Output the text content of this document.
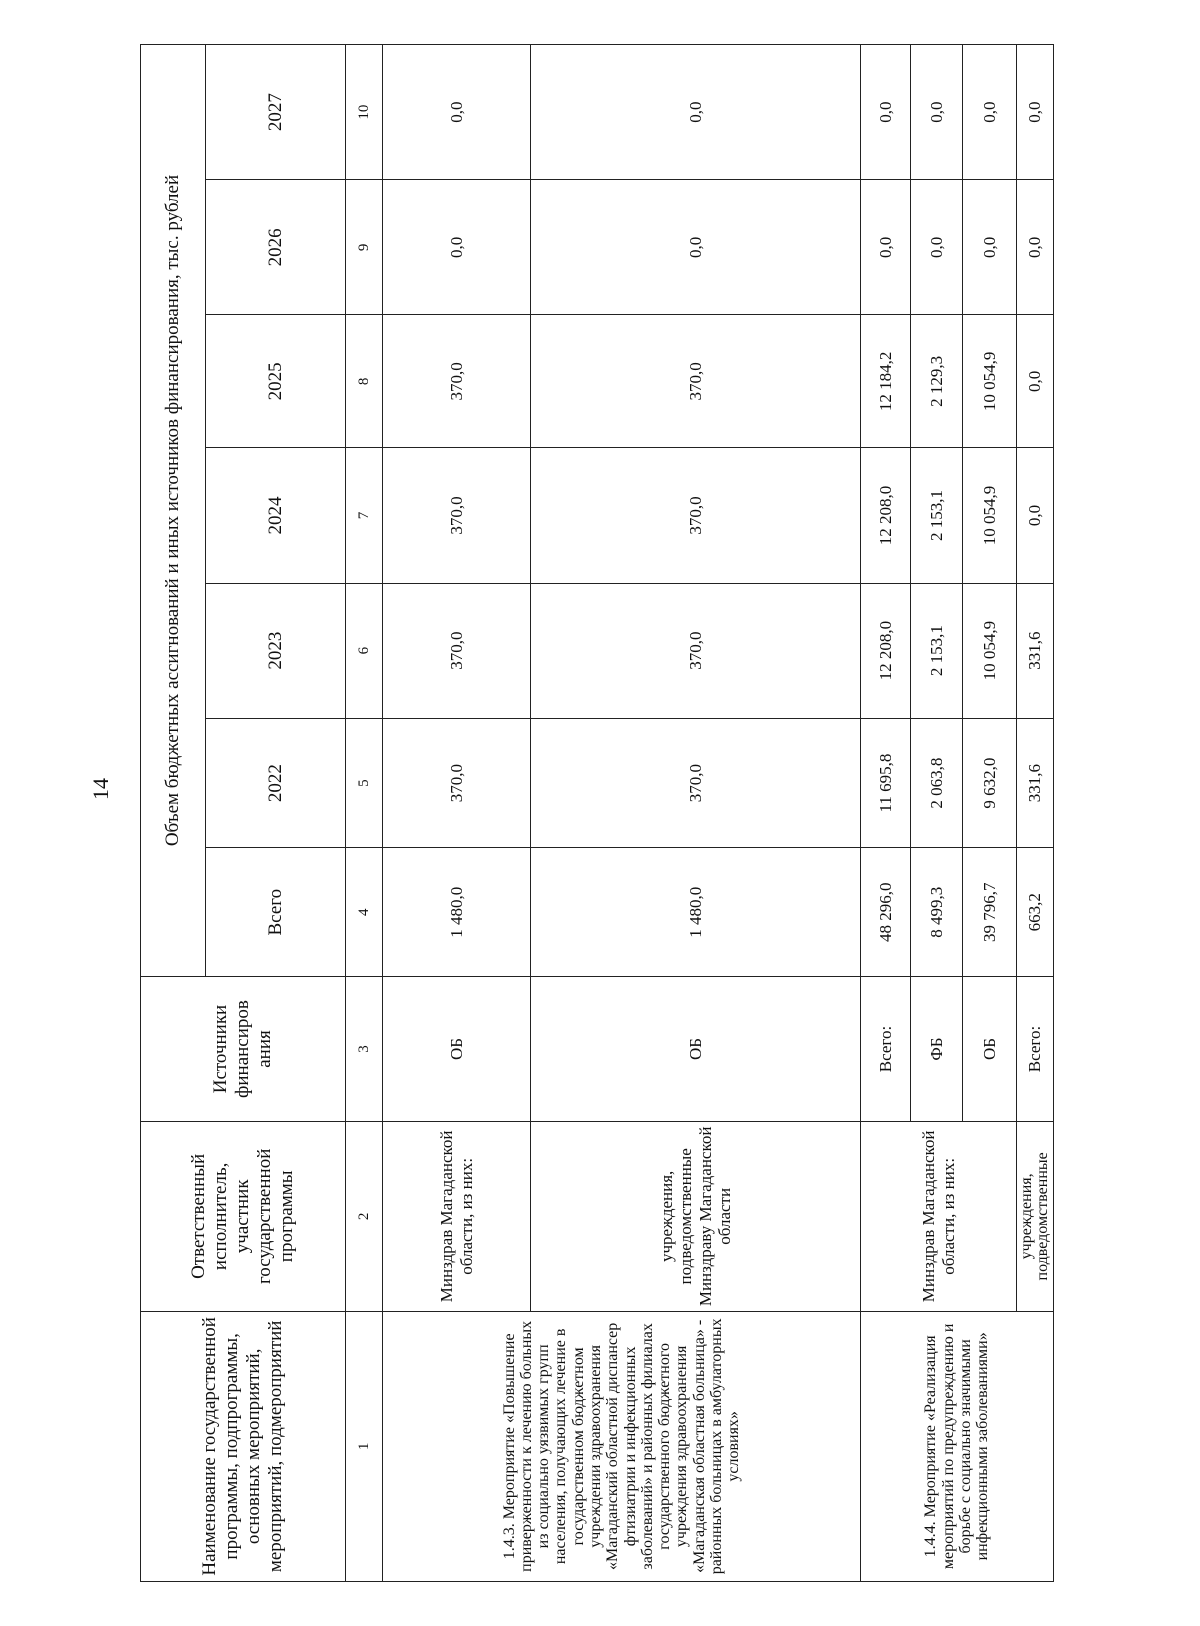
14
Наименование государственной программы, подпрограммы, основных мероприятий, мероприятий, подмероприятий	Ответственный исполнитель, участник государственной программы	Источники финансиров ания	Объем бюджетных ассигнований и иных источников финансирования, тыс. рублей						
			Всего	2022	2023	2024	2025	2026	2027
1	2	3	4	5	6	7	8	9	10
1.4.3. Мероприятие «Повышение приверженности к лечению больных из социально уязвимых групп населения, получающих лечение в государственном бюджетном учреждении здравоохранения «Магаданский областной диспансер фтизиатрии и инфекционных заболеваний» и районных филиалах государственного бюджетного учреждения здравоохранения «Магаданская областная больница» - районных больницах в амбулаторных условиях»	Минздрав Магаданской области, из них:	ОБ	1 480,0	370,0	370,0	370,0	370,0	0,0	0,0
	учреждения, подведомственные Минздраву Магаданской области	ОБ	1 480,0	370,0	370,0	370,0	370,0	0,0	0,0
1.4.4. Мероприятие «Реализация мероприятий по предупреждению и борьбе с социально значимыми инфекционными заболеваниями»	Минздрав Магаданской области, из них:	Всего:	48 296,0	11 695,8	12 208,0	12 208,0	12 184,2	0,0	0,0
		ФБ	8 499,3	2 063,8	2 153,1	2 153,1	2 129,3	0,0	0,0
		ОБ	39 796,7	9 632,0	10 054,9	10 054,9	10 054,9	0,0	0,0
	учреждения, подведомственные	Всего:	663,2	331,6	331,6	0,0	0,0	0,0	0,0
